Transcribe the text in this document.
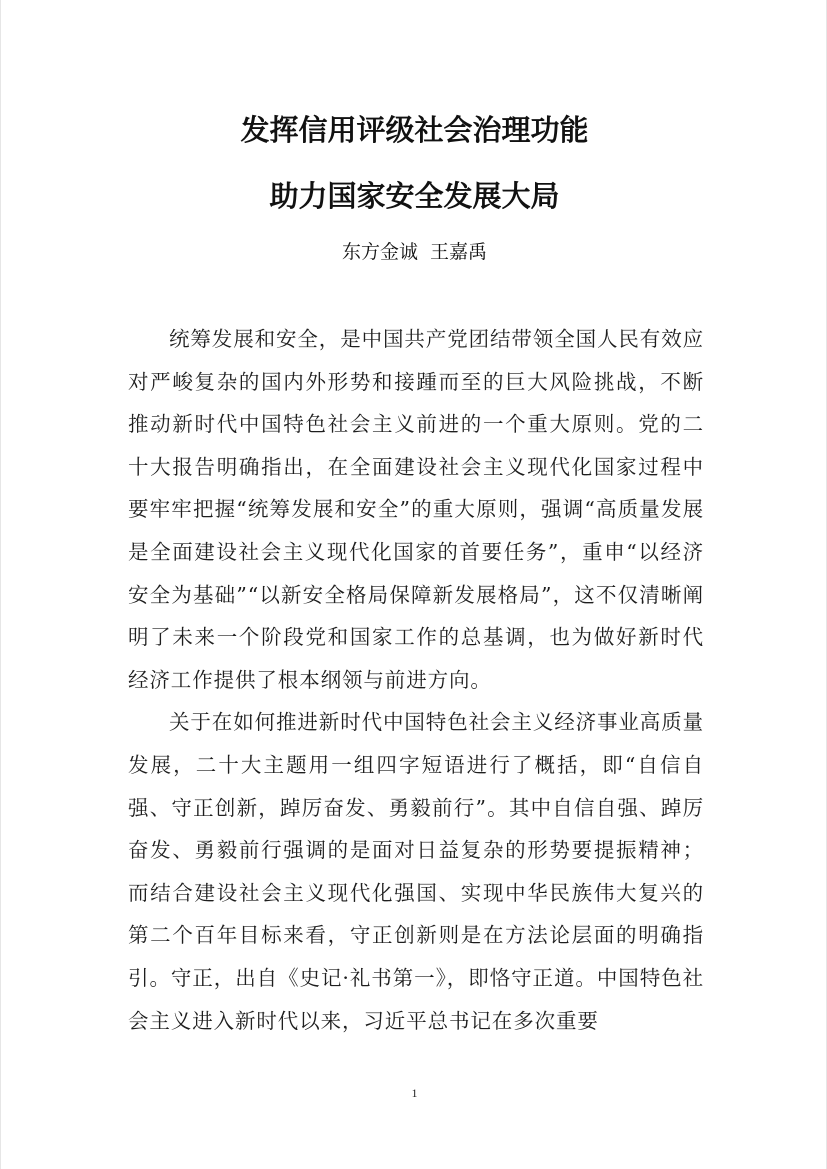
发挥信用评级社会治理功能
助力国家安全发展大局
东方金诚 王嘉禹

统筹发展和安全，是中国共产党团结带领全国人民有效应对严峻复杂的国内外形势和接踵而至的巨大风险挑战，不断推动新时代中国特色社会主义前进的一个重大原则。党的二十大报告明确指出，在全面建设社会主义现代化国家过程中要牢牢把握“统筹发展和安全”的重大原则，强调“高质量发展是全面建设社会主义现代化国家的首要任务”，重申“以经济安全为基础”“以新安全格局保障新发展格局”，这不仅清晰阐明了未来一个阶段党和国家工作的总基调，也为做好新时代经济工作提供了根本纲领与前进方向。

关于在如何推进新时代中国特色社会主义经济事业高质量发展，二十大主题用一组四字短语进行了概括，即“自信自强、守正创新，踔厉奋发、勇毅前行”。其中自信自强、踔厉奋发、勇毅前行强调的是面对日益复杂的形势要提振精神；而结合建设社会主义现代化强国、实现中华民族伟大复兴的第二个百年目标来看，守正创新则是在方法论层面的明确指引。守正，出自《史记·礼书第一》，即恪守正道。中国特色社会主义进入新时代以来，习近平总书记在多次重要

1
